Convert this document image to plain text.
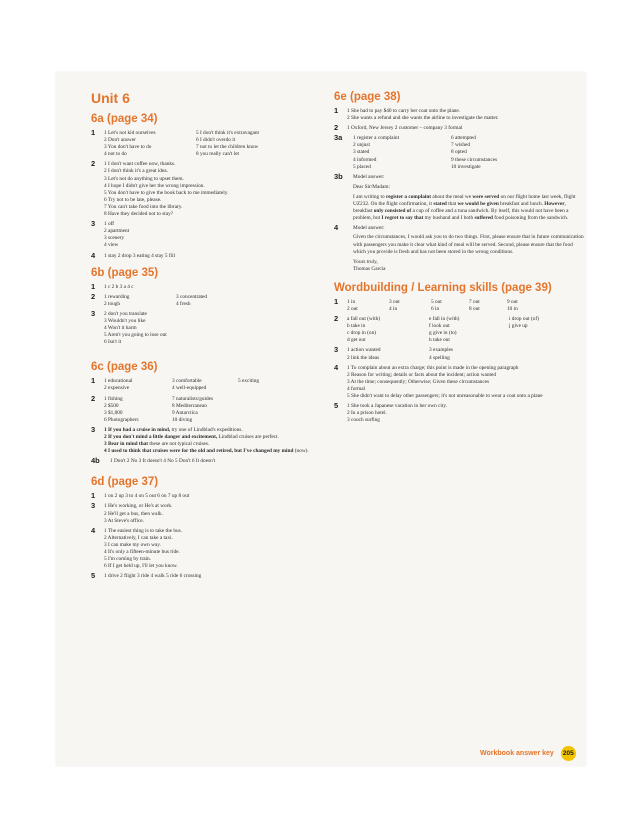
Unit 6
6a (page 34)
1 1 Let's not kid ourselves	5 I don't think it's extravagant
2 Don't answer	6 I didn't overdo it
3 You don't have to do	7 not to let the children know
4 not to do	8 you really can't let
2 1 I don't want coffee now, thanks.
2 I don't think it's a great idea.
3 Let's not do anything to upset them.
4 I hope I didn't give her the wrong impression.
5 You don't have to give the book back to me immediately.
6 Try not to be late, please.
7 You can't take food into the library.
8 Have they decided not to stay?
3 1 off
2 apartment
3 scenery
4 view
4 1 stay 2 drop 3 eating 4 stay 5 fill
6b (page 35)
1 1 c 2 b 3 a 4 c
2 1 rewarding	3 concentrated
2 tough	4 fresh
3 2 don't you translate
3 Wouldn't you like
4 Won't it harm
5 Aren't you going to lose out
6 Isn't it
6c (page 36)
1 1 educational	3 comfortable	5 exciting
2 expensive	4 well-equipped
2 1 fishing	7 naturalists/guides
2 $500	8 Mediterranean
3 $1,000	9 Antarctica
6 Photographers	10 diving
3 1 If you had a cruise in mind, try one of Lindblad's expeditions.
2 If you don't mind a little danger and excitement, Lindblad cruises are perfect.
3 Bear in mind that these are not typical cruises.
4 I used to think that cruises were for the old and retired, but I've changed my mind (now).
4b 1 Don't 2 No 3 It doesn't 4 No 5 Don't 6 It doesn't
6d (page 37)
1 1 on 2 up 3 to 4 on 5 out 6 on 7 up 8 out
3 1 He's working, or He's at work.
2 He'll get a bus, then walk.
3 At Steve's office.
4 1 The easiest thing is to take the bus.
2 Alternatively, I can take a taxi.
3 I can make my own way.
4 It's only a fifteen-minute bus ride.
5 I'm coming by train.
6 If I get held up, I'll let you know.
5 1 drive 2 flight 3 ride 4 walk 5 ride 6 crossing
6e (page 38)
1 1 She had to pay $40 to carry her coat onto the plane.
2 She wants a refund and she wants the airline to investigate the matter.
2 1 Oxford, New Jersey 2 customer – company 3 formal
3a 1 register a complaint	6 attempted
2 unjust	7 wished
3 stated	8 opted
4 informed	9 these circumstances
5 placed	10 investigate
3b Model answer:
Dear Sir/Madam:
I am writing to register a complaint about the meal we were served on our flight home last week, flight UZ232. On the flight confirmation, it stated that we would be given breakfast and lunch. However, breakfast only consisted of a cup of coffee and a tuna sandwich. By itself, this would not have been a problem, but I regret to say that my husband and I both suffered food poisoning from the sandwich.
4	Model answer:
Given the circumstances, I would ask you to do two things. First, please ensure that in future communication with passengers you make it clear what kind of meal will be served. Second, please ensure that the food which you provide is fresh and has not been stored in the wrong conditions.
Yours truly,
Thomas Garcia
Wordbuilding / Learning skills (page 39)
1 1 in	3 out	5 out	7 out	9 out
2 out	4 in	6 in	8 out	10 in
2 a fall out (with)	e fall in (with)	i drop out (of)
b take in	f look out	j give up
c drop in (on)	g give in (to)
d get out	h take out
3 1 action wanted	3 examples
2 link the ideas	4 spelling
4 1 To complain about an extra charge; this point is made in the opening paragraph
2 Reason for writing; details or facts about the incident; action wanted
3 At the time; consequently; Otherwise; Given these circumstances
4 formal
5 She didn't want to delay other passengers; it's not unreasonable to wear a coat onto a plane
5 1 She took a Japanese vacation in her own city.
2 In a prison hotel.
3 couch surfing
Workbook answer key	205
